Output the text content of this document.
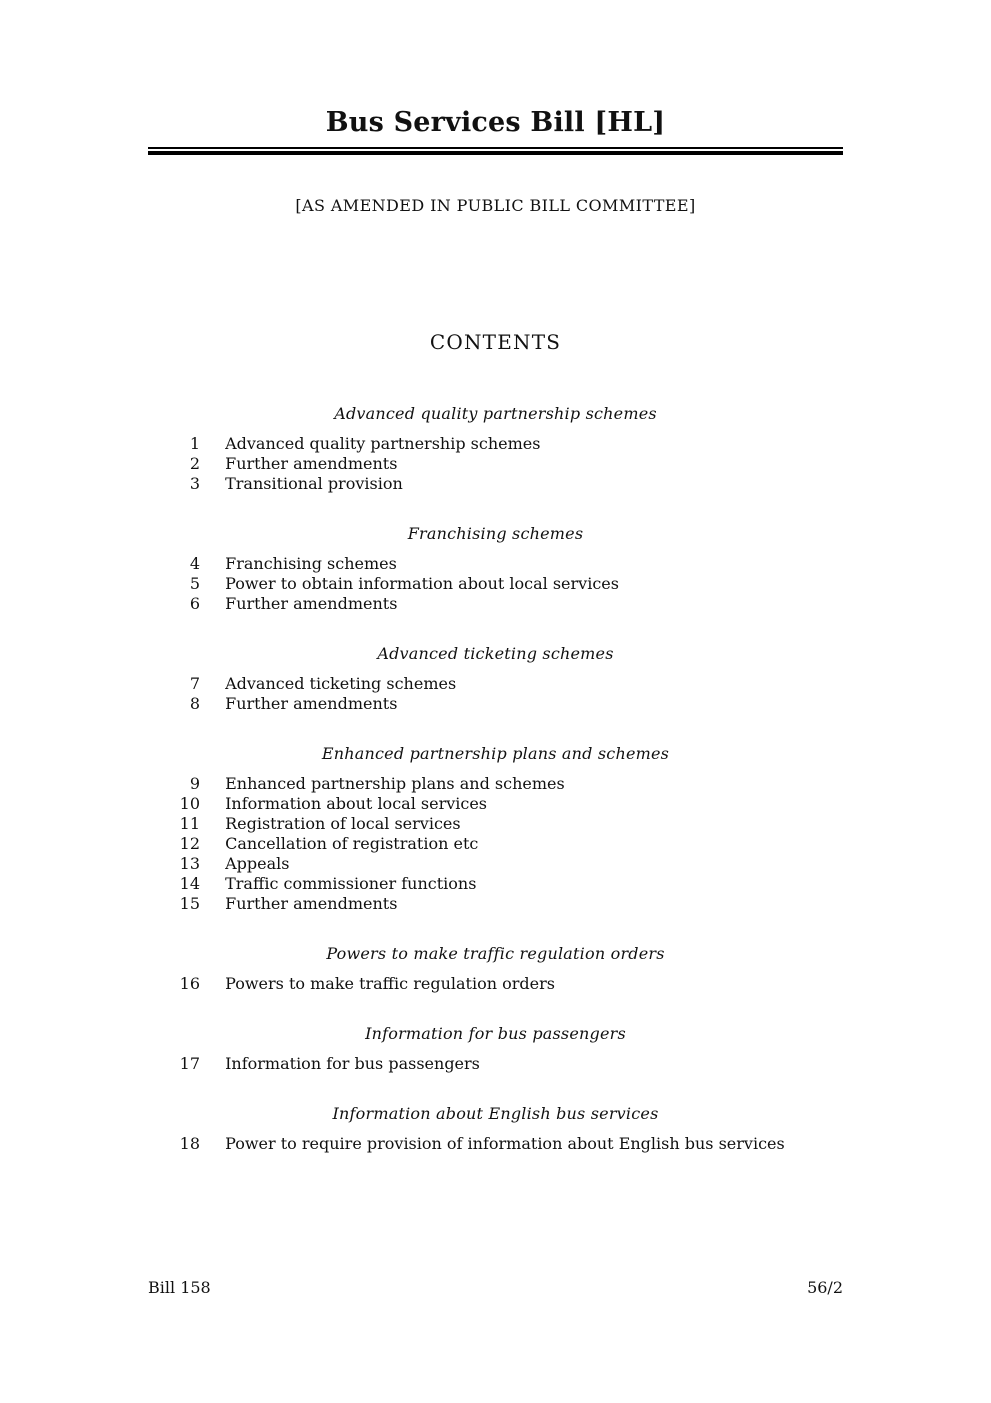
Bus Services Bill [HL]
[AS AMENDED IN PUBLIC BILL COMMITTEE]
CONTENTS
Advanced quality partnership schemes
1 Advanced quality partnership schemes
2 Further amendments
3 Transitional provision
Franchising schemes
4 Franchising schemes
5 Power to obtain information about local services
6 Further amendments
Advanced ticketing schemes
7 Advanced ticketing schemes
8 Further amendments
Enhanced partnership plans and schemes
9 Enhanced partnership plans and schemes
10 Information about local services
11 Registration of local services
12 Cancellation of registration etc
13 Appeals
14 Traffic commissioner functions
15 Further amendments
Powers to make traffic regulation orders
16 Powers to make traffic regulation orders
Information for bus passengers
17 Information for bus passengers
Information about English bus services
18 Power to require provision of information about English bus services
Bill 158	56/2
